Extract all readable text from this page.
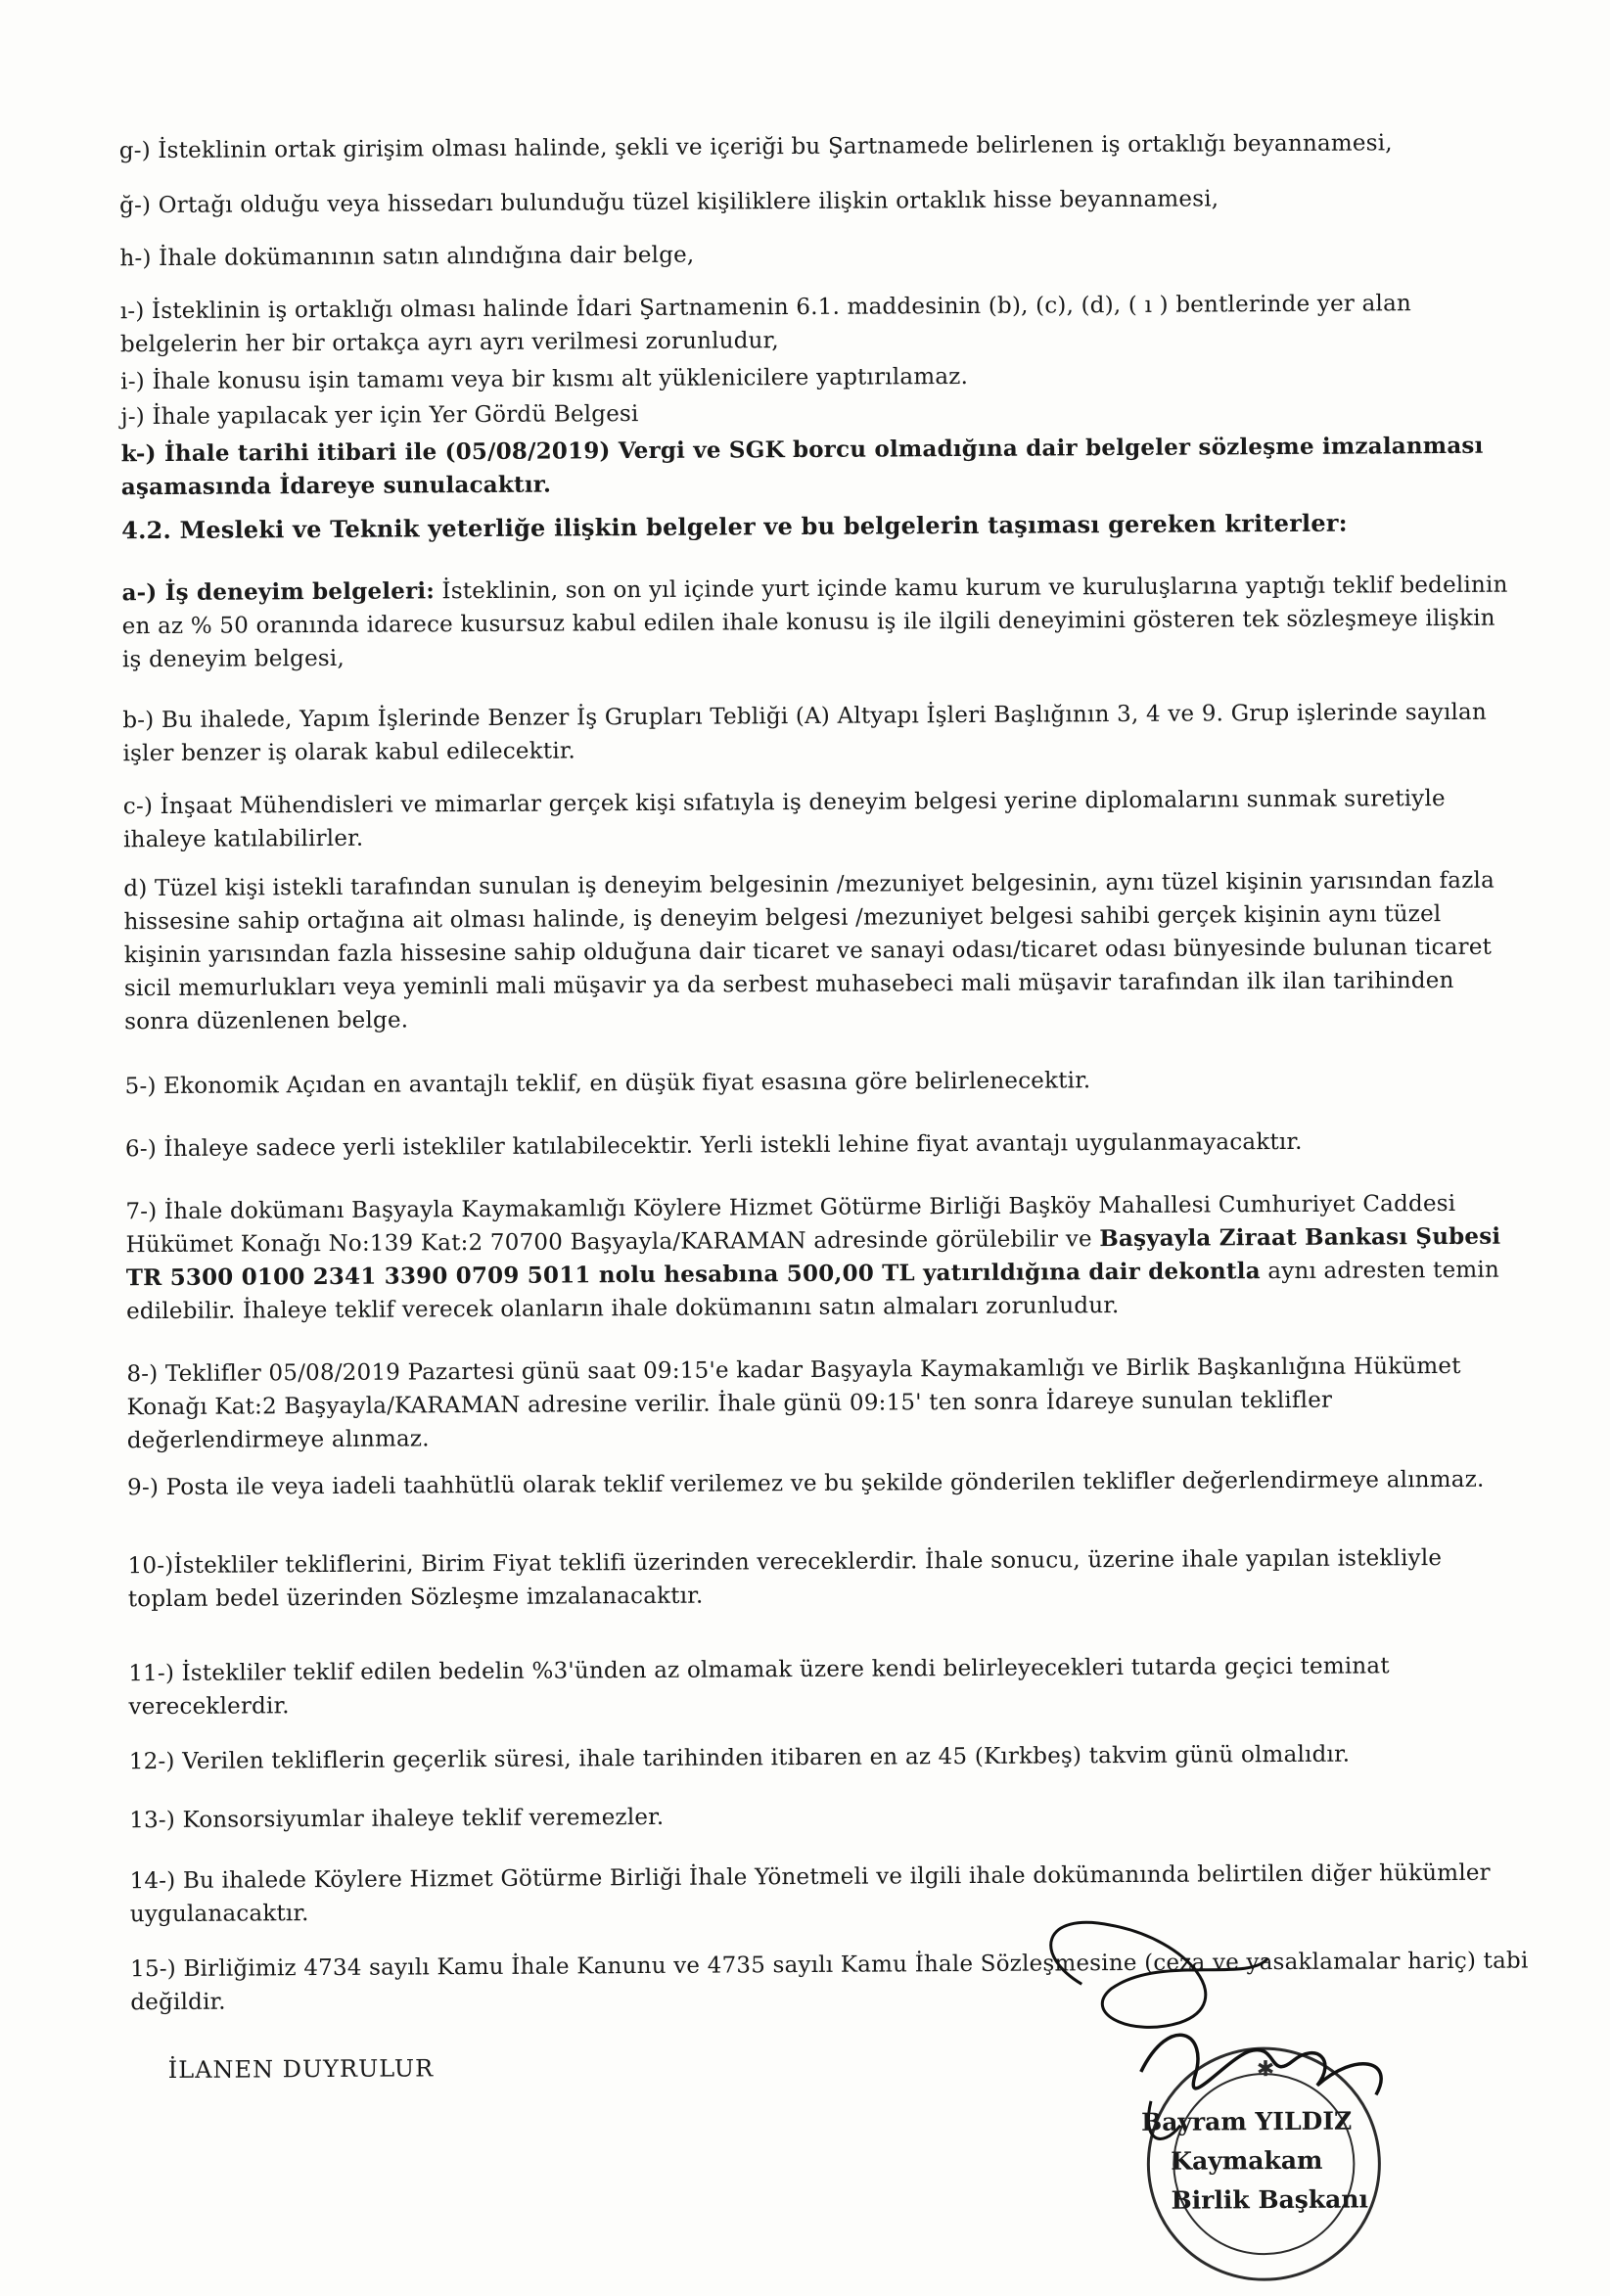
g-) İsteklinin ortak girişim olması halinde, şekli ve içeriği bu Şartnamede belirlenen iş ortaklığı beyannamesi,
ğ-) Ortağı olduğu veya hissedarı bulunduğu tüzel kişiliklere ilişkin ortaklık hisse beyannamesi,
h-) İhale dokümanının satın alındığına dair belge,
ı-) İsteklinin iş ortaklığı olması halinde İdari Şartnamenin 6.1. maddesinin (b), (c), (d), ( ı ) bentlerinde yer alan belgelerin her bir ortakça ayrı ayrı verilmesi zorunludur,
i-) İhale konusu işin tamamı veya bir kısmı alt yüklenicilere yaptırılamaz.
j-) İhale yapılacak yer için Yer Gördü Belgesi
k-) İhale tarihi itibari ile (05/08/2019) Vergi ve SGK borcu olmadığına dair belgeler sözleşme imzalanması aşamasında İdareye sunulacaktır.
4.2. Mesleki ve Teknik yeterliğe ilişkin belgeler ve bu belgelerin taşıması gereken kriterler:
a-) İş deneyim belgeleri: İsteklinin, son on yıl içinde yurt içinde kamu kurum ve kuruluşlarına yaptığı teklif bedelinin en az % 50 oranında idarece kusursuz kabul edilen ihale konusu iş ile ilgili deneyimini gösteren tek sözleşmeye ilişkin iş deneyim belgesi,
b-) Bu ihalede, Yapım İşlerinde Benzer İş Grupları Tebliği (A) Altyapı İşleri Başlığının 3, 4 ve 9. Grup işlerinde sayılan işler benzer iş olarak kabul edilecektir.
c-) İnşaat Mühendisleri ve mimarlar gerçek kişi sıfatıyla iş deneyim belgesi yerine diplomalarını sunmak suretiyle ihaleye katılabilirler.
d) Tüzel kişi istekli tarafından sunulan iş deneyim belgesinin /mezuniyet belgesinin, aynı tüzel kişinin yarısından fazla hissesine sahip ortağına ait olması halinde, iş deneyim belgesi /mezuniyet belgesi sahibi gerçek kişinin aynı tüzel kişinin yarısından fazla hissesine sahip olduğuna dair ticaret ve sanayi odası/ticaret odası bünyesinde bulunan ticaret sicil memurlukları veya yeminli mali müşavir ya da serbest muhasebeci mali müşavir tarafından ilk ilan tarihinden sonra düzenlenen belge.
5-) Ekonomik Açıdan en avantajlı teklif, en düşük fiyat esasına göre belirlenecektir.
6-) İhaleye sadece yerli istekliler katılabilecektir. Yerli istekli lehine fiyat avantajı uygulanmayacaktır.
7-) İhale dokümanı Başyayla Kaymakamlığı Köylere Hizmet Götürme Birliği Başköy Mahallesi Cumhuriyet Caddesi Hükümet Konağı No:139 Kat:2 70700 Başyayla/KARAMAN adresinde görülebilir ve Başyayla Ziraat Bankası Şubesi TR 5300 0100 2341 3390 0709 5011 nolu hesabına 500,00 TL yatırıldığına dair dekontla aynı adresten temin edilebilir. İhaleye teklif verecek olanların ihale dokümanını satın almaları zorunludur.
8-) Teklifler 05/08/2019 Pazartesi günü saat 09:15'e kadar Başyayla Kaymakamlığı ve Birlik Başkanlığına Hükümet Konağı Kat:2 Başyayla/KARAMAN adresine verilir. İhale günü 09:15' ten sonra İdareye sunulan teklifler değerlendirmeye alınmaz.
9-) Posta ile veya iadeli taahhütlü olarak teklif verilemez ve bu şekilde gönderilen teklifler değerlendirmeye alınmaz.
10-)İstekliler tekliflerini, Birim Fiyat teklifi üzerinden vereceklerdir. İhale sonucu, üzerine ihale yapılan istekliyle toplam bedel üzerinden Sözleşme imzalanacaktır.
11-) İstekliler teklif edilen bedelin %3'ünden az olmamak üzere kendi belirleyecekleri tutarda geçici teminat vereceklerdir.
12-) Verilen tekliflerin geçerlik süresi, ihale tarihinden itibaren en az 45 (Kırkbeş) takvim günü olmalıdır.
13-) Konsorsiyumlar ihaleye teklif veremezler.
14-) Bu ihalede Köylere Hizmet Götürme Birliği İhale Yönetmeli ve ilgili ihale dokümanında belirtilen diğer hükümler uygulanacaktır.
15-) Birliğimiz 4734 sayılı Kamu İhale Kanunu ve 4735 sayılı Kamu İhale Sözleşmesine (ceza ve yasaklamalar hariç) tabi değildir.
İLANEN DUYRULUR	✱
Bayram YILDIZ
Kaymakam
Birlik Başkanı
